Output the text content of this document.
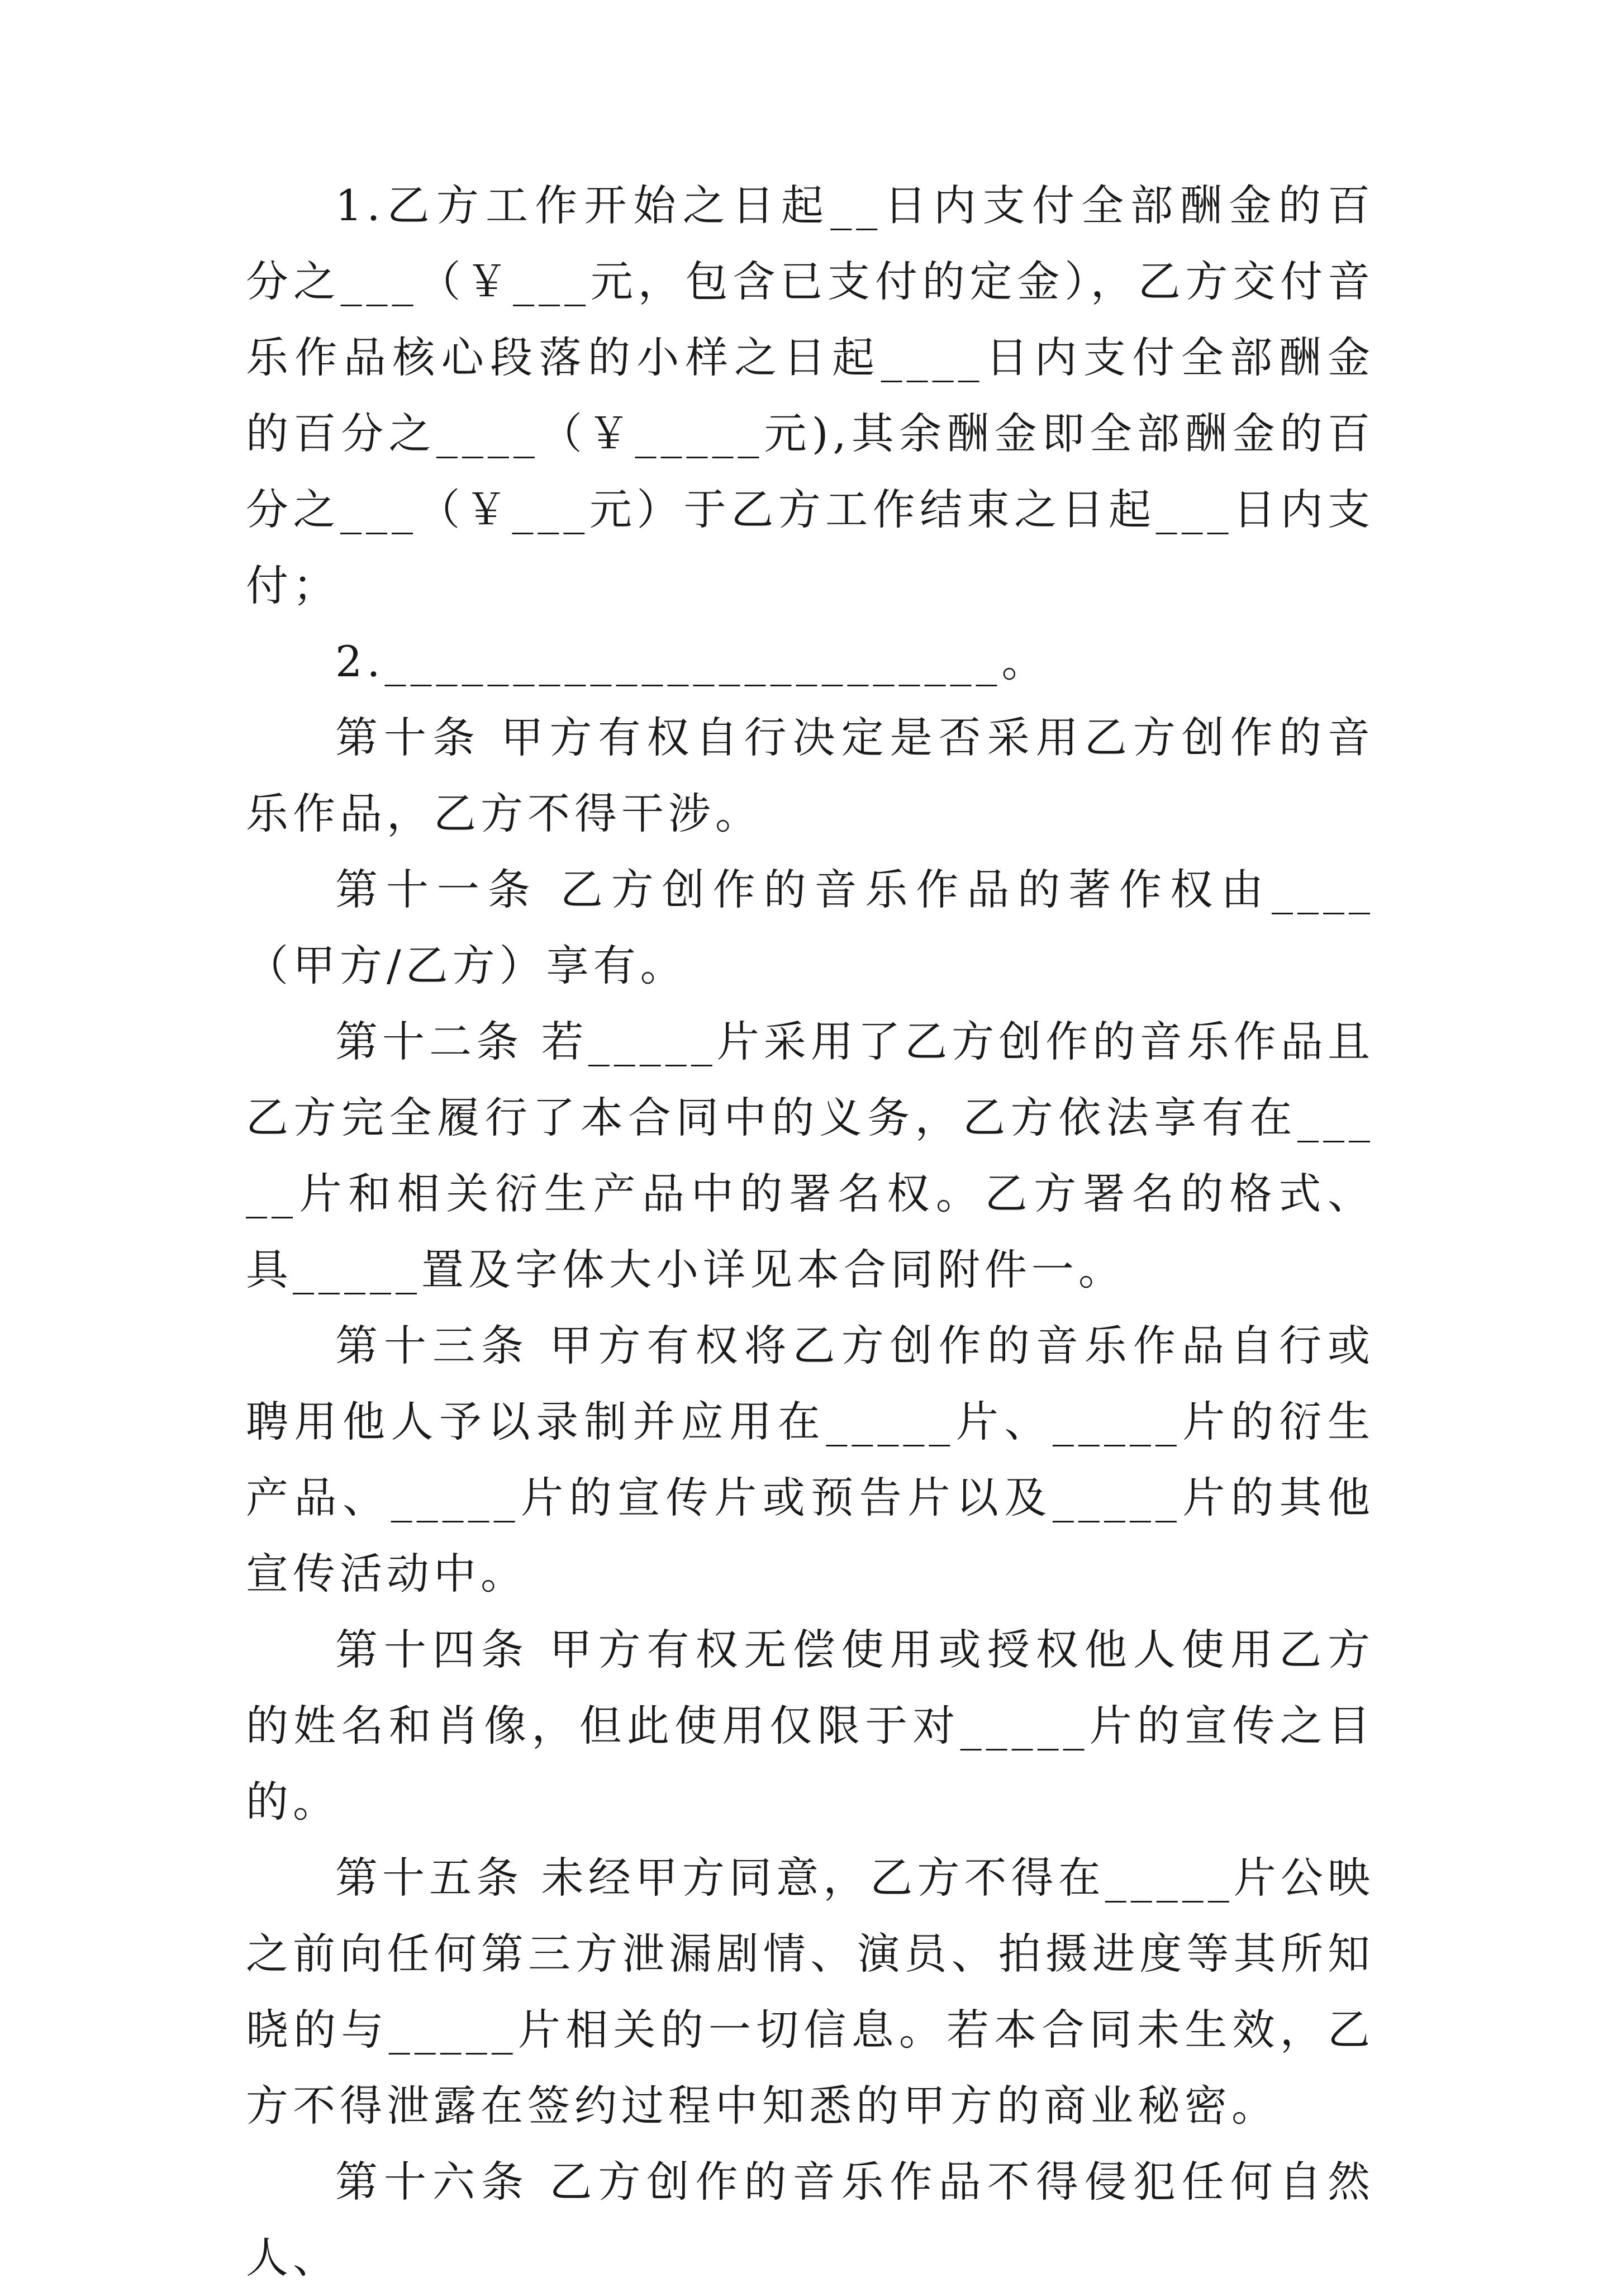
1.乙方工作开始之日起__日内支付全部酬金的百分之___（￥___元，包含已支付的定金），乙方交付音乐作品核心段落的小样之日起____日内支付全部酬金的百分之____（￥_____元),其余酬金即全部酬金的百分之___（￥___元）于乙方工作结束之日起___日内支付；

2.________________________。

第十条 甲方有权自行决定是否采用乙方创作的音乐作品，乙方不得干涉。

第十一条 乙方创作的音乐作品的著作权由____（甲方/乙方）享有。

第十二条 若_____片采用了乙方创作的音乐作品且乙方完全履行了本合同中的义务，乙方依法享有在_____片和相关衍生产品中的署名权。乙方署名的格式、具_____置及字体大小详见本合同附件一。

第十三条 甲方有权将乙方创作的音乐作品自行或聘用他人予以录制并应用在_____片、_____片的衍生产品、_____片的宣传片或预告片以及_____片的其他宣传活动中。

第十四条 甲方有权无偿使用或授权他人使用乙方的姓名和肖像，但此使用仅限于对_____片的宣传之目的。

第十五条 未经甲方同意，乙方不得在_____片公映之前向任何第三方泄漏剧情、演员、拍摄进度等其所知晓的与_____片相关的一切信息。若本合同未生效，乙方不得泄露在签约过程中知悉的甲方的商业秘密。

第十六条 乙方创作的音乐作品不得侵犯任何自然人、
